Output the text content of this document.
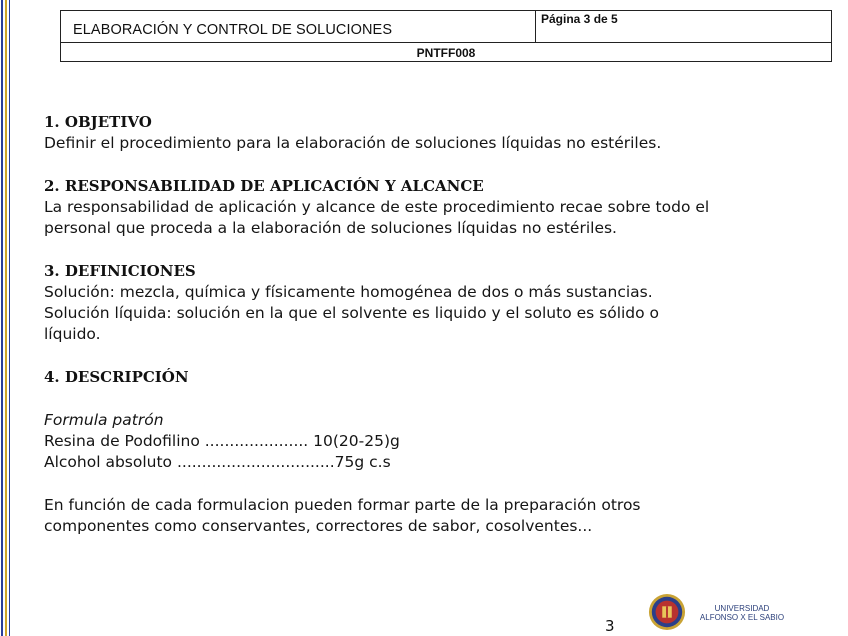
ELABORACIÓN Y CONTROL DE SOLUCIONES
Página 3 de 5
PNTFF008
1. OBJETIVO

Definir el procedimiento para la elaboración de soluciones líquidas no estériles.

2. RESPONSABILIDAD DE APLICACIÓN Y ALCANCE

La responsabilidad de aplicación y alcance de este procedimiento recae sobre todo el

personal que proceda a la elaboración de soluciones líquidas no estériles.

3. DEFINICIONES

Solución: mezcla, química y físicamente homogénea de dos o más sustancias.

Solución líquida: solución en la que el solvente es liquido y el soluto es sólido o

líquido.

4. DESCRIPCIÓN

Formula patrón

Resina de Podofilino ..................... 10(20-25)g

Alcohol absoluto ................................75g c.s

En función de cada formulacion pueden formar parte de la preparación otros

componentes como conservantes, correctores de sabor, cosolventes...

3
UNIVERSIDAD
ALFONSO X EL SABIO
